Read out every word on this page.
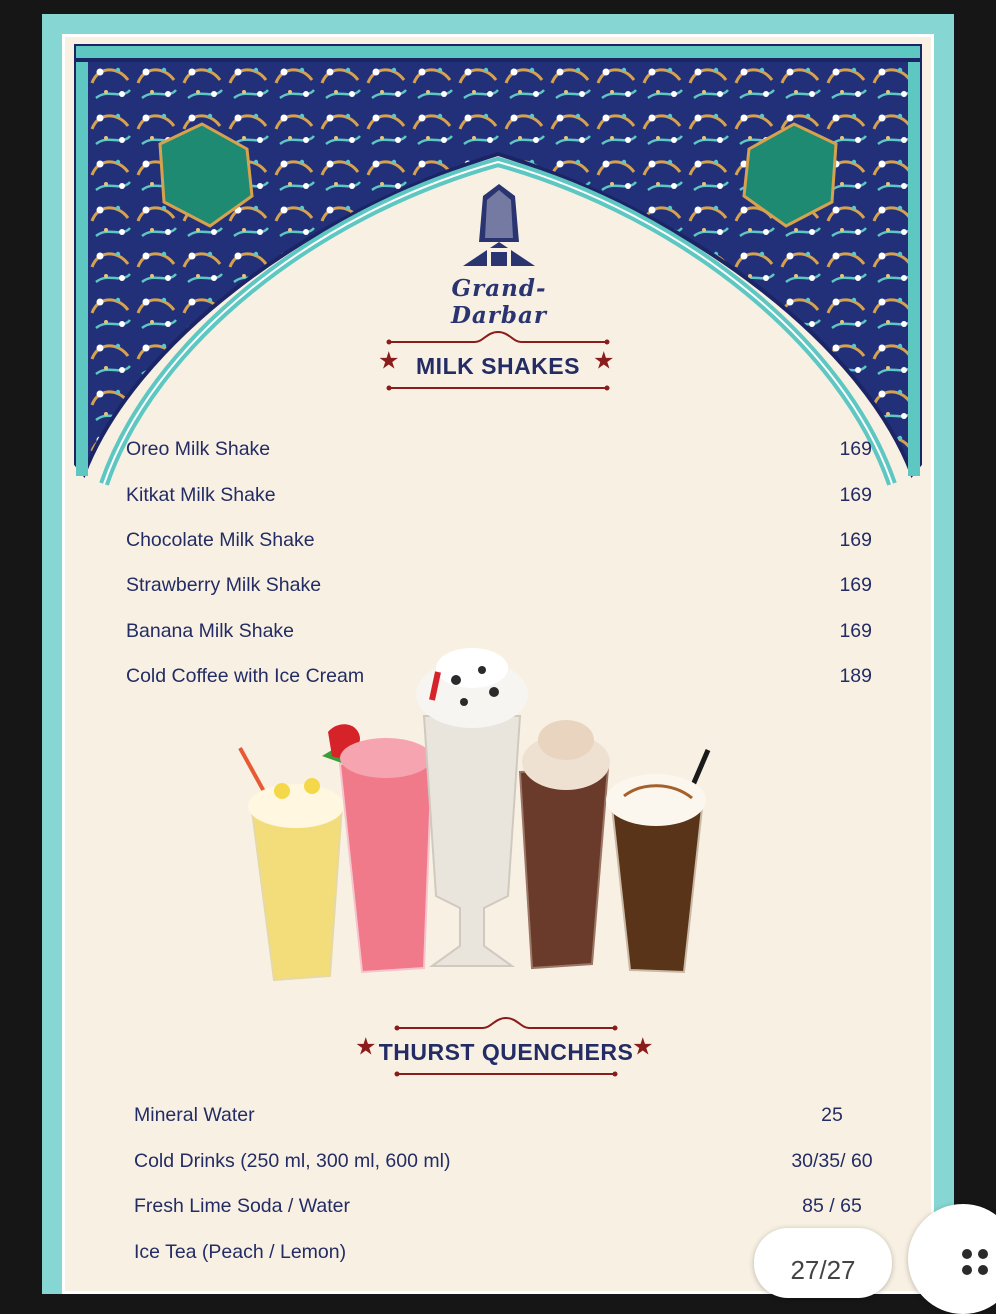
Grand-Darbar
★ MILK SHAKES ★
Oreo Milk Shake	169
Kitkat Milk Shake	169
Chocolate Milk Shake	169
Strawberry Milk Shake	169
Banana Milk Shake	169
Cold Coffee with Ice Cream	189
★ THURST QUENCHERS
★
Mineral Water	25
Cold Drinks (250 ml, 300 ml, 600 ml)	30/35/ 60
Fresh Lime Soda / Water	85 / 65
Ice Tea (Peach / Lemon)
27/27
